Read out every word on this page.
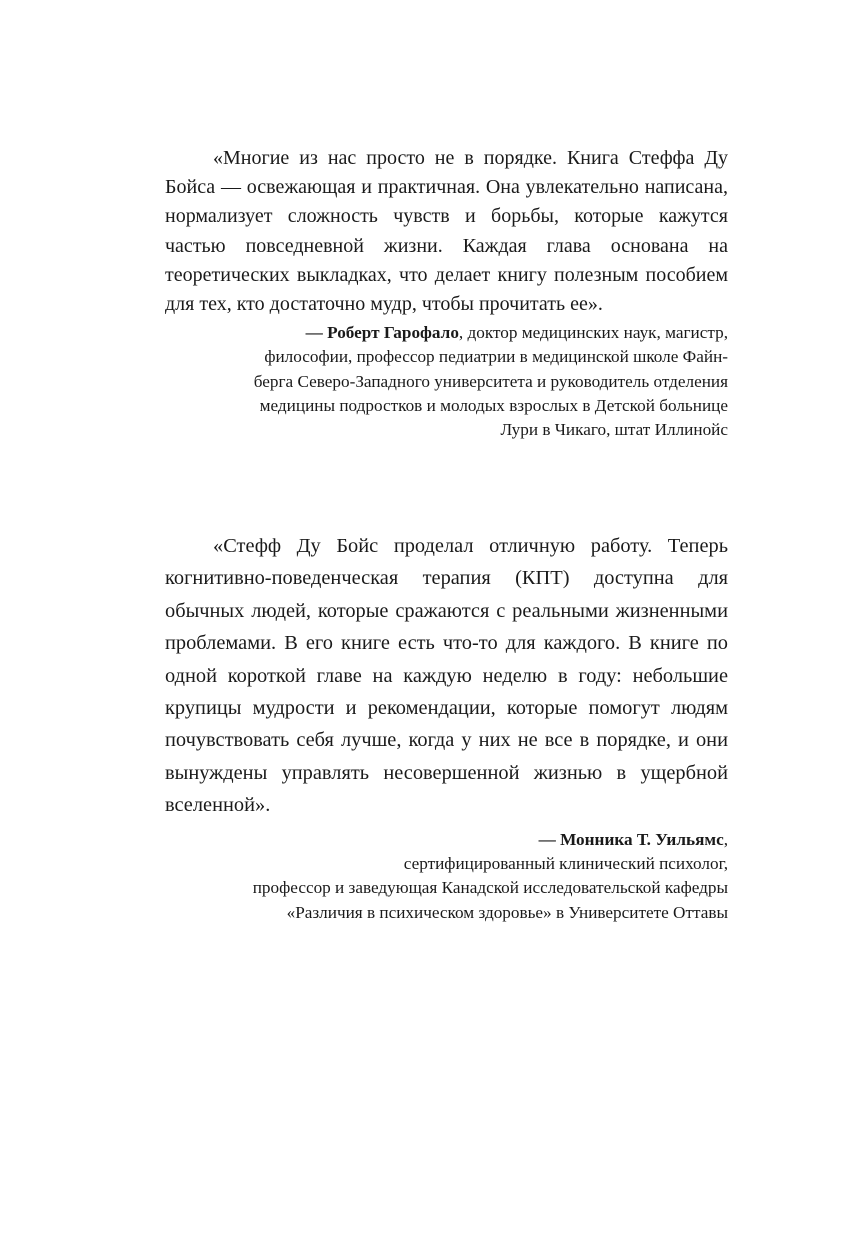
«Многие из нас просто не в порядке. Книга Стеффа Ду Бойса — освежающая и практичная. Она увлекательно написана, нормализует сложность чувств и борьбы, которые кажутся частью повседневной жизни. Каждая глава основана на теоретических выкладках, что делает книгу полезным пособием для тех, кто достаточно мудр, чтобы прочитать ее».

— Роберт Гарофало, доктор медицинских наук, магистр,
философии, профессор педиатрии в медицинской школе Файн-
берга Северо-Западного университета и руководитель отделения
медицины подростков и молодых взрослых в Детской больнице
Лури в Чикаго, штат Иллинойс

«Стефф Ду Бойс проделал отличную работу. Теперь когнитивно-поведенческая терапия (КПТ) доступна для обычных людей, которые сражаются с реальными жизненными проблемами. В его книге есть что-то для каждого. В книге по одной короткой главе на каждую неделю в году: небольшие крупицы мудрости и рекомендации, которые помогут людям почувствовать себя лучше, когда у них не все в порядке, и они вынуждены управлять несовершенной жизнью в ущербной вселенной».

— Монника Т. Уильямс,
сертифицированный клинический психолог,
профессор и заведующая Канадской исследовательской кафедры
«Различия в психическом здоровье» в Университете Оттавы
